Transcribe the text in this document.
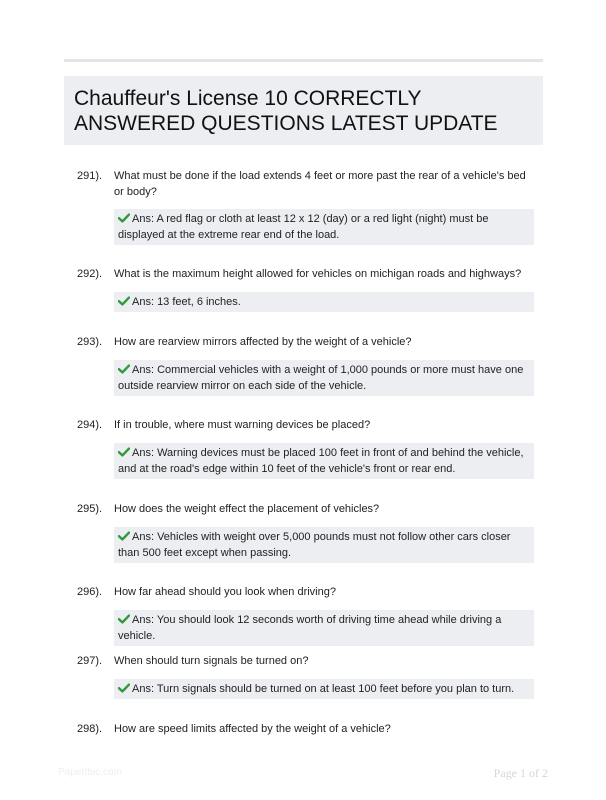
Chauffeur's License 10 CORRECTLY ANSWERED QUESTIONS LATEST UPDATE
291). What must be done if the load extends 4 feet or more past the rear of a vehicle's bed or body?
Ans: A red flag or cloth at least 12 x 12 (day) or a red light (night) must be displayed at the extreme rear end of the load.
292). What is the maximum height allowed for vehicles on michigan roads and highways?
Ans: 13 feet, 6 inches.
293). How are rearview mirrors affected by the weight of a vehicle?
Ans: Commercial vehicles with a weight of 1,000 pounds or more must have one outside rearview mirror on each side of the vehicle.
294). If in trouble, where must warning devices be placed?
Ans: Warning devices must be placed 100 feet in front of and behind the vehicle, and at the road's edge within 10 feet of the vehicle's front or rear end.
295). How does the weight effect the placement of vehicles?
Ans: Vehicles with weight over 5,000 pounds must not follow other cars closer than 500 feet except when passing.
296). How far ahead should you look when driving?
Ans: You should look 12 seconds worth of driving time ahead while driving a vehicle.
297). When should turn signals be turned on?
Ans: Turn signals should be turned on at least 100 feet before you plan to turn.
298). How are speed limits affected by the weight of a vehicle?
Papertbic.com	Page 1 of 2
